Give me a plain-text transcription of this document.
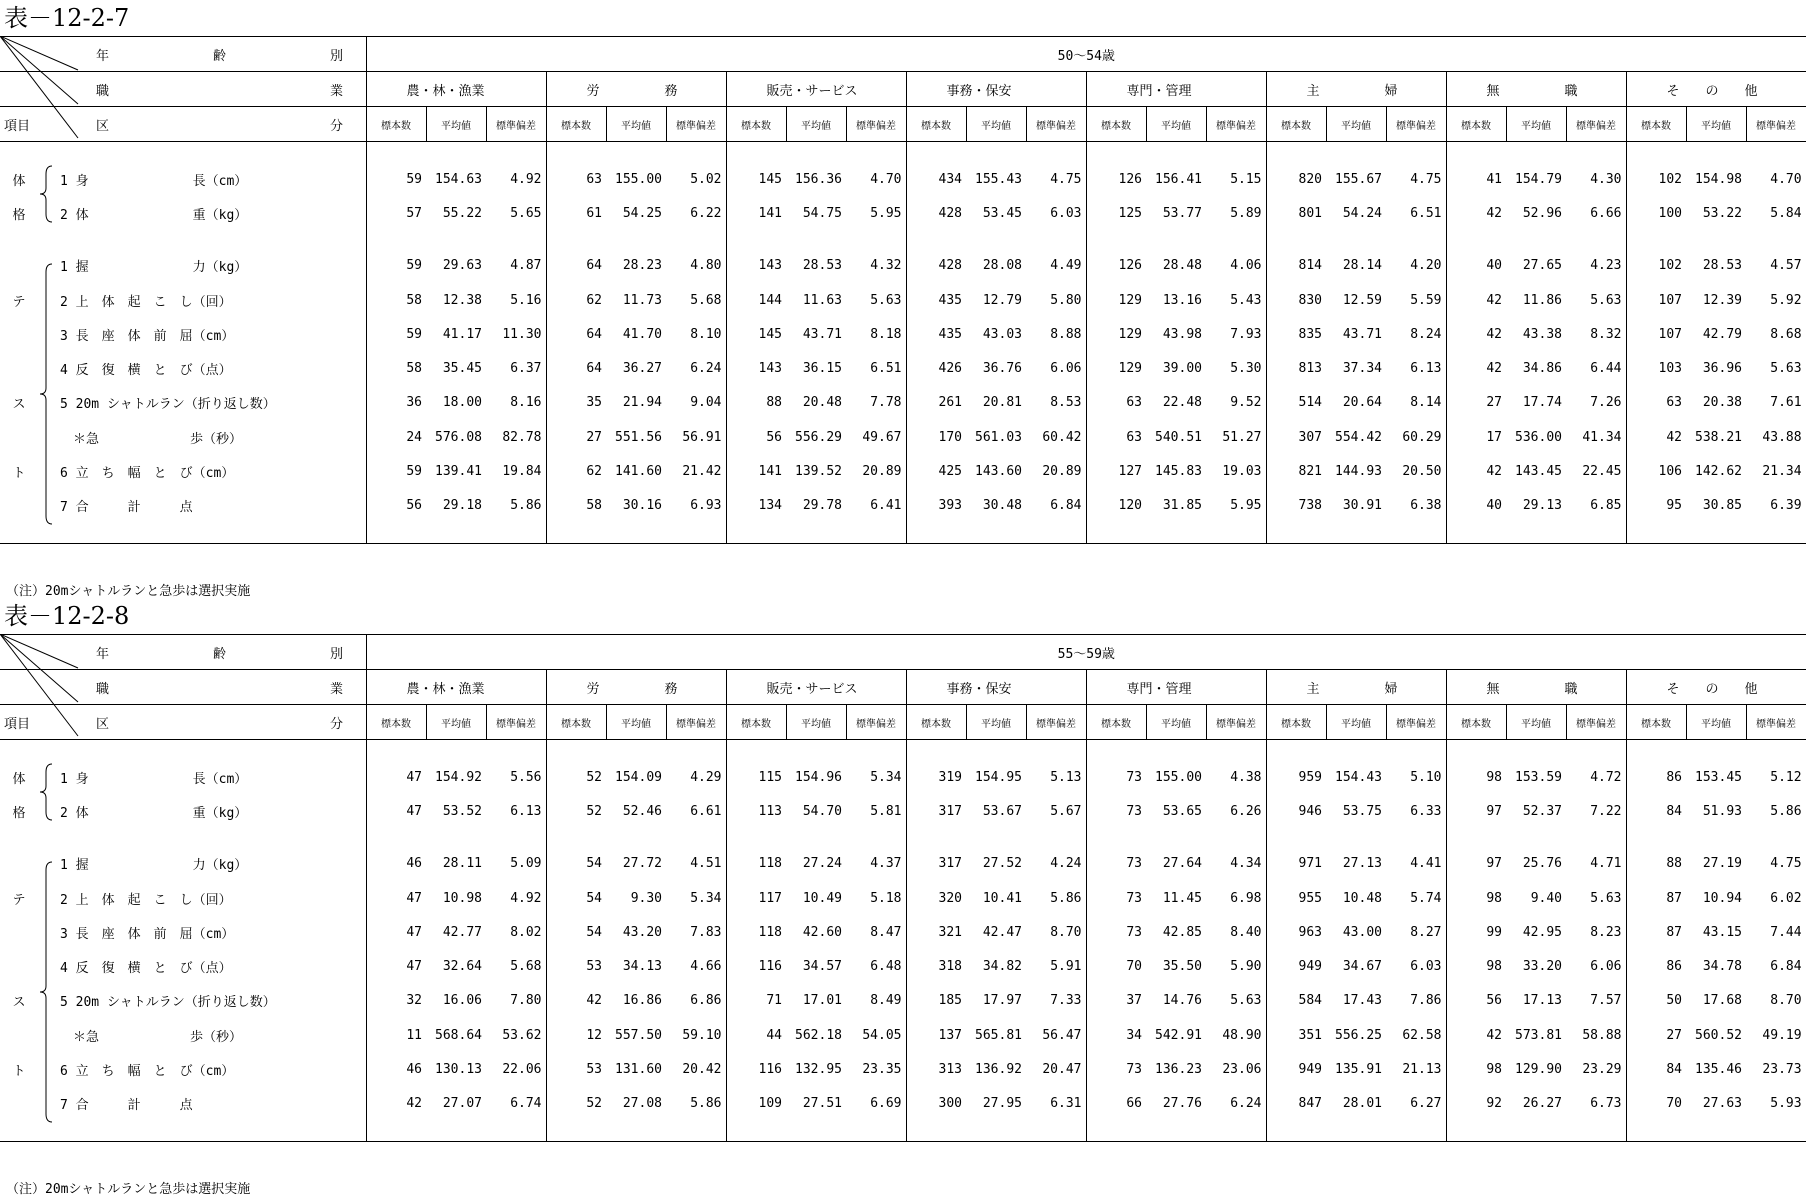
表－12-2-7
		年　　　　　　　　齢　　　　　　　　別	50～54歳																							
		職　　　　　　　　　　　　　　　　　業	農・林・漁業			労　　　　　務			販売・サービス			事務・保安			専門・管理			主　　　　　婦			無　　　　　職			そ　　の　　他		
項目		区　　　　　　　　　　　　　　　　　分	標本数	平均値	標準偏差	標本数	平均値	標準偏差	標本数	平均値	標準偏差	標本数	平均値	標準偏差	標本数	平均値	標準偏差	標本数	平均値	標準偏差	標本数	平均値	標準偏差	標本数	平均値	標準偏差

体		1 身　　　　　　　　長（cm）	59	154.63	4.92	63	155.00	5.02	145	156.36	4.70	434	155.43	4.75	126	156.41	5.15	820	155.67	4.75	41	154.79	4.30	102	154.98	4.70
格		2 体　　　　　　　　重（kg）	57	55.22	5.65	61	54.25	6.22	141	54.75	5.95	428	53.45	6.03	125	53.77	5.89	801	54.24	6.51	42	52.96	6.66	100	53.22	5.84

		1 握　　　　　　　　力（kg）	59	29.63	4.87	64	28.23	4.80	143	28.53	4.32	428	28.08	4.49	126	28.48	4.06	814	28.14	4.20	40	27.65	4.23	102	28.53	4.57
テ		2 上　体　起　こ　し（回）	58	12.38	5.16	62	11.73	5.68	144	11.63	5.63	435	12.79	5.80	129	13.16	5.43	830	12.59	5.59	42	11.86	5.63	107	12.39	5.92
		3 長　座　体　前　屈（cm）	59	41.17	11.30	64	41.70	8.10	145	43.71	8.18	435	43.03	8.88	129	43.98	7.93	835	43.71	8.24	42	43.38	8.32	107	42.79	8.68
		4 反　復　横　と　び（点）	58	35.45	6.37	64	36.27	6.24	143	36.15	6.51	426	36.76	6.06	129	39.00	5.30	813	37.34	6.13	42	34.86	6.44	103	36.96	5.63
ス		5 20m シャトルラン（折り返し数）	36	18.00	8.16	35	21.94	9.04	88	20.48	7.78	261	20.81	8.53	63	22.48	9.52	514	20.64	8.14	27	17.74	7.26	63	20.38	7.61
		　＊急　　　　　　　歩（秒）	24	576.08	82.78	27	551.56	56.91	56	556.29	49.67	170	561.03	60.42	63	540.51	51.27	307	554.42	60.29	17	536.00	41.34	42	538.21	43.88
ト		6 立　ち　幅　と　び（cm）	59	139.41	19.84	62	141.60	21.42	141	139.52	20.89	425	143.60	20.89	127	145.83	19.03	821	144.93	20.50	42	143.45	22.45	106	142.62	21.34
		7 合　　　計　　　点	56	29.18	5.86	58	30.16	6.93	134	29.78	6.41	393	30.48	6.84	120	31.85	5.95	738	30.91	6.38	40	29.13	6.85	95	30.85	6.39

（注）20mシャトルランと急歩は選択実施
表－12-2-8
		年　　　　　　　　齢　　　　　　　　別	55～59歳																							
		職　　　　　　　　　　　　　　　　　業	農・林・漁業			労　　　　　務			販売・サービス			事務・保安			専門・管理			主　　　　　婦			無　　　　　職			そ　　の　　他		
項目		区　　　　　　　　　　　　　　　　　分	標本数	平均値	標準偏差	標本数	平均値	標準偏差	標本数	平均値	標準偏差	標本数	平均値	標準偏差	標本数	平均値	標準偏差	標本数	平均値	標準偏差	標本数	平均値	標準偏差	標本数	平均値	標準偏差

体		1 身　　　　　　　　長（cm）	47	154.92	5.56	52	154.09	4.29	115	154.96	5.34	319	154.95	5.13	73	155.00	4.38	959	154.43	5.10	98	153.59	4.72	86	153.45	5.12
格		2 体　　　　　　　　重（kg）	47	53.52	6.13	52	52.46	6.61	113	54.70	5.81	317	53.67	5.67	73	53.65	6.26	946	53.75	6.33	97	52.37	7.22	84	51.93	5.86

		1 握　　　　　　　　力（kg）	46	28.11	5.09	54	27.72	4.51	118	27.24	4.37	317	27.52	4.24	73	27.64	4.34	971	27.13	4.41	97	25.76	4.71	88	27.19	4.75
テ		2 上　体　起　こ　し（回）	47	10.98	4.92	54	9.30	5.34	117	10.49	5.18	320	10.41	5.86	73	11.45	6.98	955	10.48	5.74	98	9.40	5.63	87	10.94	6.02
		3 長　座　体　前　屈（cm）	47	42.77	8.02	54	43.20	7.83	118	42.60	8.47	321	42.47	8.70	73	42.85	8.40	963	43.00	8.27	99	42.95	8.23	87	43.15	7.44
		4 反　復　横　と　び（点）	47	32.64	5.68	53	34.13	4.66	116	34.57	6.48	318	34.82	5.91	70	35.50	5.90	949	34.67	6.03	98	33.20	6.06	86	34.78	6.84
ス		5 20m シャトルラン（折り返し数）	32	16.06	7.80	42	16.86	6.86	71	17.01	8.49	185	17.97	7.33	37	14.76	5.63	584	17.43	7.86	56	17.13	7.57	50	17.68	8.70
		　＊急　　　　　　　歩（秒）	11	568.64	53.62	12	557.50	59.10	44	562.18	54.05	137	565.81	56.47	34	542.91	48.90	351	556.25	62.58	42	573.81	58.88	27	560.52	49.19
ト		6 立　ち　幅　と　び（cm）	46	130.13	22.06	53	131.60	20.42	116	132.95	23.35	313	136.92	20.47	73	136.23	23.06	949	135.91	21.13	98	129.90	23.29	84	135.46	23.73
		7 合　　　計　　　点	42	27.07	6.74	52	27.08	5.86	109	27.51	6.69	300	27.95	6.31	66	27.76	6.24	847	28.01	6.27	92	26.27	6.73	70	27.63	5.93

（注）20mシャトルランと急歩は選択実施
